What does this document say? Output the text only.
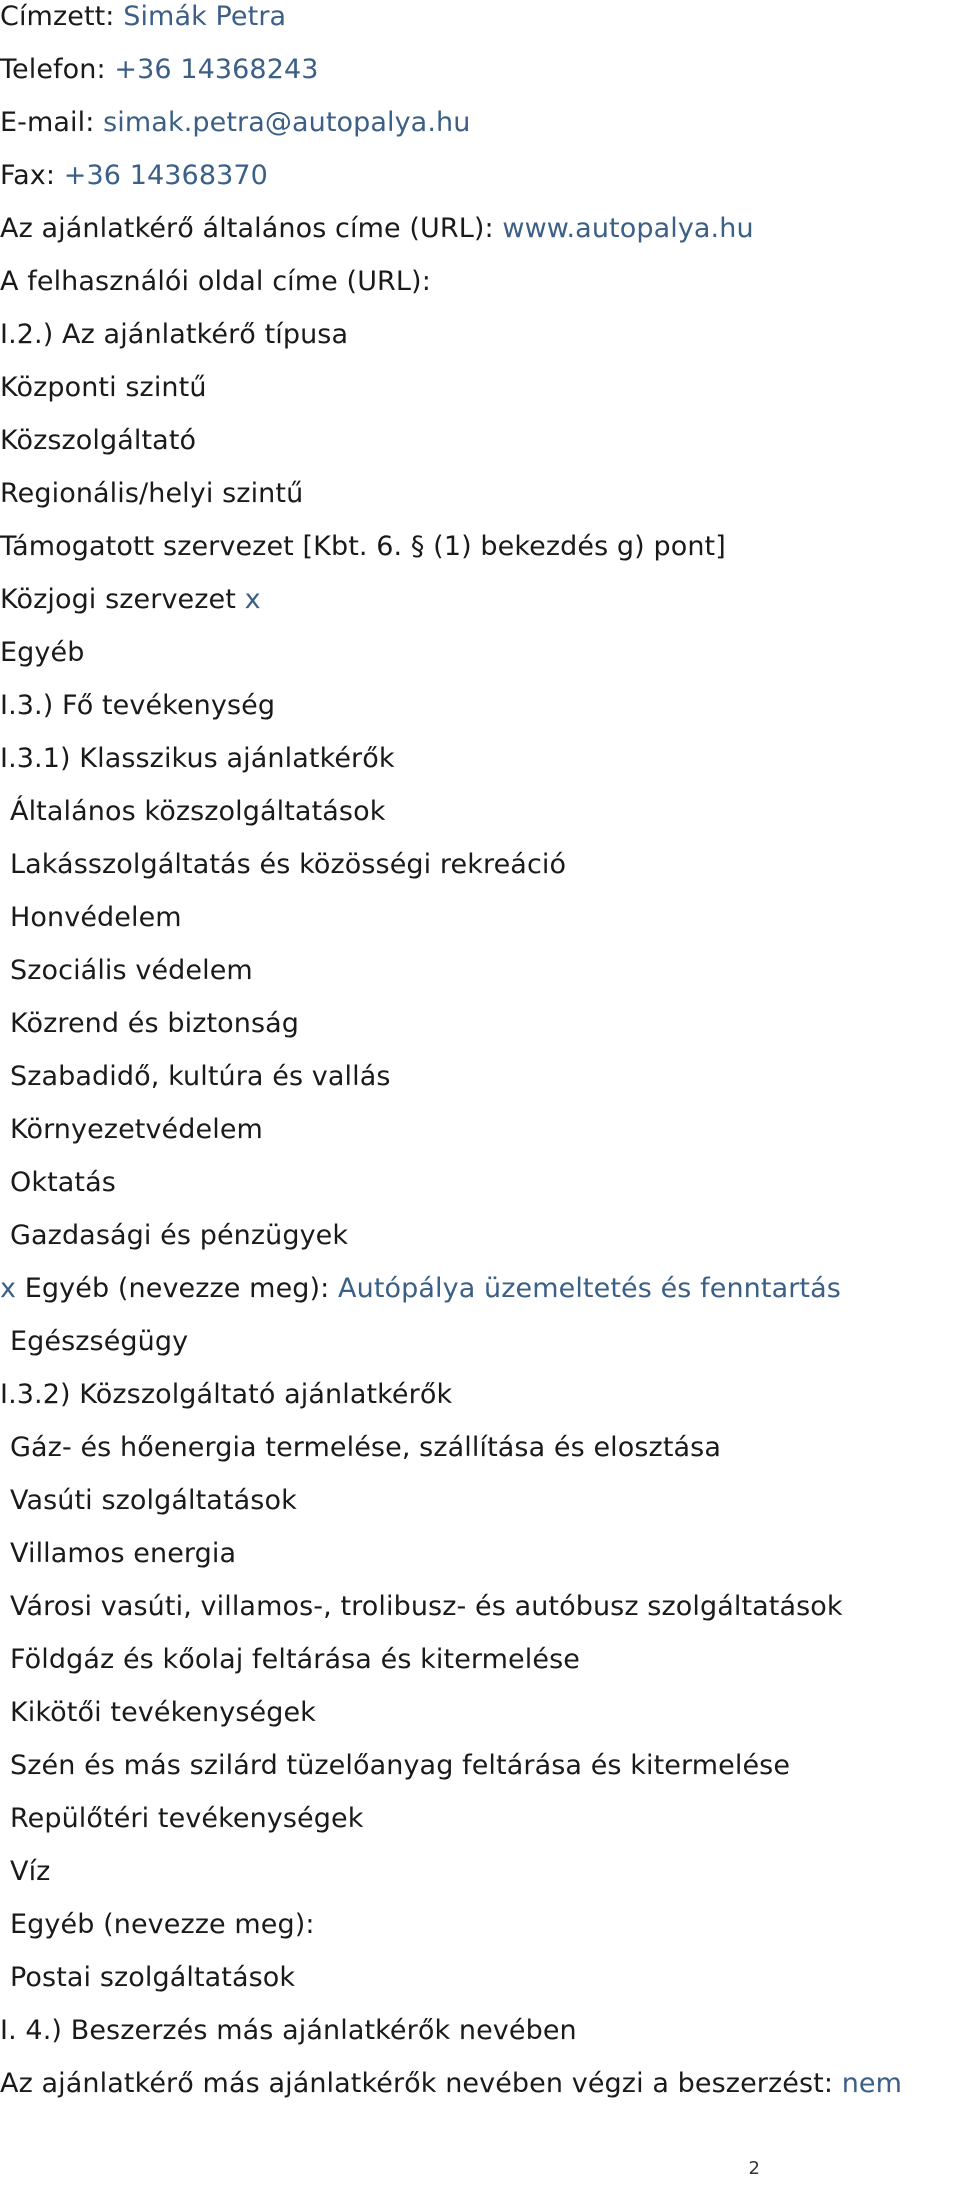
Címzett: Simák Petra
Telefon: +36 14368243
E-mail: simak.petra@autopalya.hu
Fax: +36 14368370
Az ajánlatkérő általános címe (URL): www.autopalya.hu
A felhasználói oldal címe (URL):
I.2.) Az ajánlatkérő típusa
Központi szintű
Közszolgáltató
Regionális/helyi szintű
Támogatott szervezet [Kbt. 6. § (1) bekezdés g) pont]
Közjogi szervezet x
Egyéb
I.3.) Fő tevékenység
I.3.1) Klasszikus ajánlatkérők
Általános közszolgáltatások
Lakásszolgáltatás és közösségi rekreáció
Honvédelem
Szociális védelem
Közrend és biztonság
Szabadidő, kultúra és vallás
Környezetvédelem
Oktatás
Gazdasági és pénzügyek
x Egyéb (nevezze meg): Autópálya üzemeltetés és fenntartás
Egészségügy
I.3.2) Közszolgáltató ajánlatkérők
Gáz- és hőenergia termelése, szállítása és elosztása
Vasúti szolgáltatások
Villamos energia
Városi vasúti, villamos-, trolibusz- és autóbusz szolgáltatások
Földgáz és kőolaj feltárása és kitermelése
Kikötői tevékenységek
Szén és más szilárd tüzelőanyag feltárása és kitermelése
Repülőtéri tevékenységek
Víz
Egyéb (nevezze meg):
Postai szolgáltatások
I. 4.) Beszerzés más ajánlatkérők nevében
Az ajánlatkérő más ajánlatkérők nevében végzi a beszerzést: nem
2
